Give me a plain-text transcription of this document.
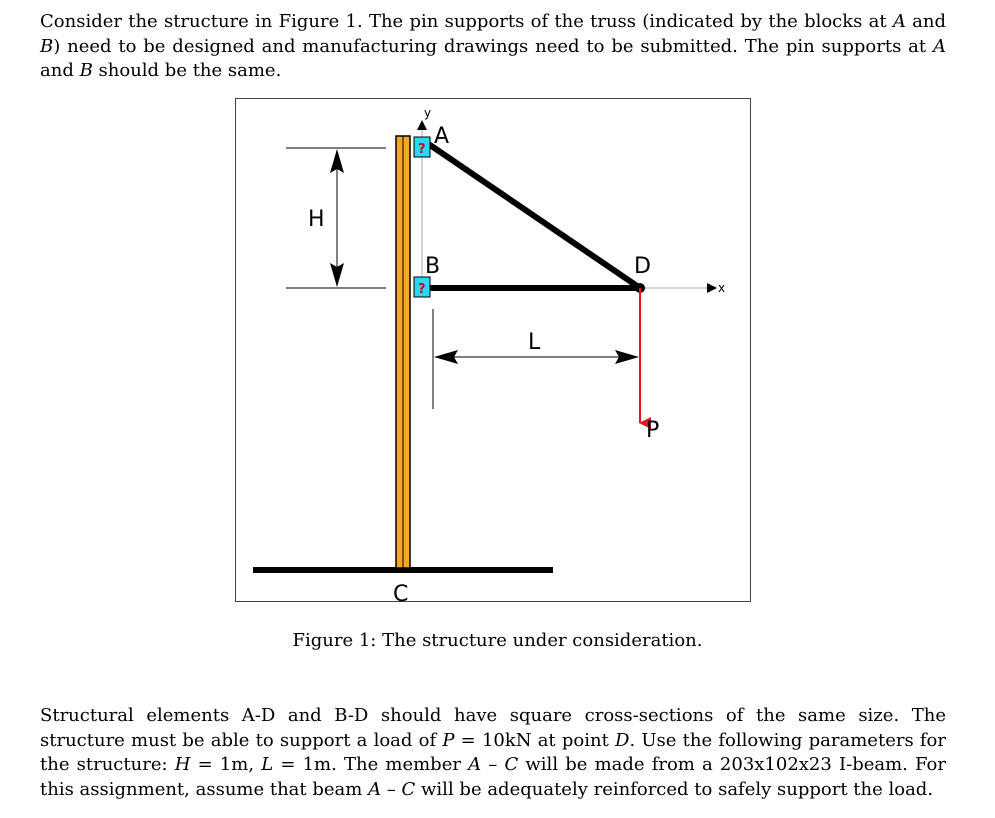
Consider the structure in Figure 1. The pin supports of the truss (indicated by the blocks at A and B) need to be designed and manufacturing drawings need to be submitted. The pin supports at A and B should be the same.

y
x
?
?
A
B
C
D
P
H
L
Figure 1: The structure under consideration.

Structural elements A-D and B-D should have square cross-sections of the same size. The structure must be able to support a load of P = 10kN at point D. Use the following parameters for the structure: H = 1m, L = 1m. The member A – C will be made from a 203x102x23 I-beam. For this assignment, assume that beam A – C will be adequately reinforced to safely support the load.
